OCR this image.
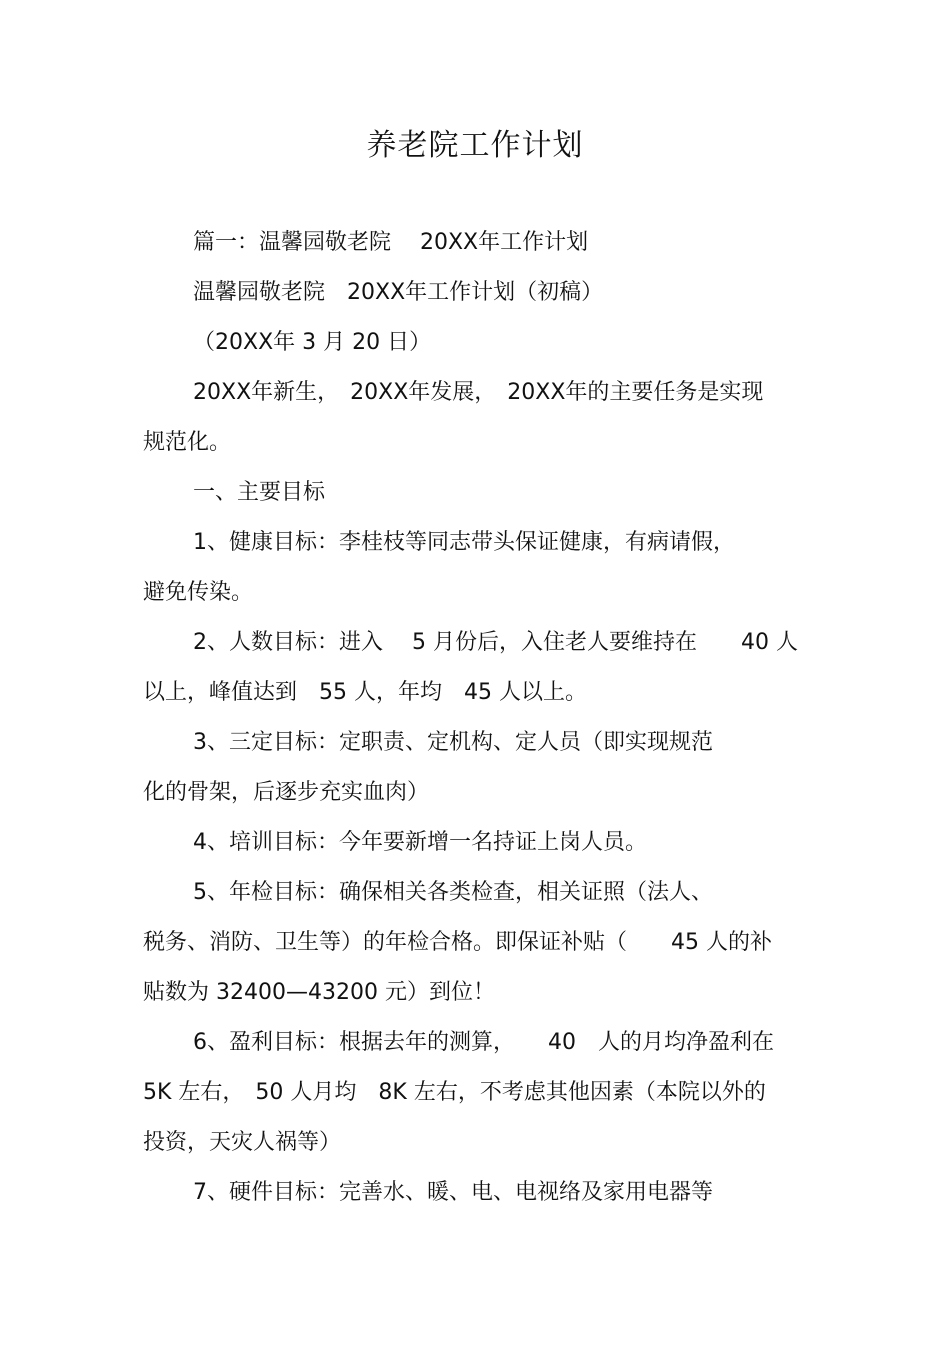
养老院工作计划
篇一：温馨园敬老院　 20XX年工作计划
温馨园敬老院　20XX年工作计划（初稿）
（20XX年 3 月 20 日）
20XX年新生，　20XX年发展，　20XX年的主要任务是实现
规范化。
一、主要目标
1、健康目标：李桂枝等同志带头保证健康，有病请假，
避免传染。
2、人数目标：进入　 5 月份后，入住老人要维持在　　40 人
以上，峰值达到　55 人，年均　45 人以上。
3、三定目标：定职责、定机构、定人员（即实现规范
化的骨架，后逐步充实血肉）
4、培训目标：今年要新增一名持证上岗人员。
5、年检目标：确保相关各类检查，相关证照（法人、
税务、消防、卫生等）的年检合格。即保证补贴（　　45 人的补
贴数为 32400—43200 元）到位！
6、盈利目标：根据去年的测算，　　40　人的月均净盈利在
5K 左右，　50 人月均　8K 左右，不考虑其他因素（本院以外的
投资，天灾人祸等）
7、硬件目标：完善水、暖、电、电视络及家用电器等
